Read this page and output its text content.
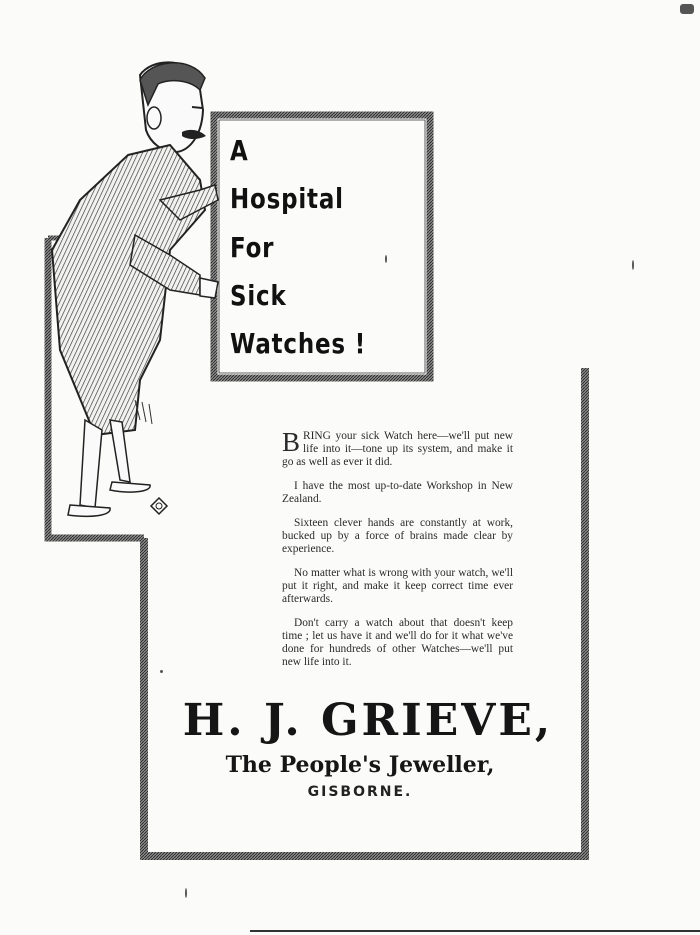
A
Hospital
For
Sick
Watches !

BRING your sick Watch here—we'll put new life into it—tone up its system, and make it go as well as ever it did.

I have the most up-to-date Workshop in New Zealand.

Sixteen clever hands are constantly at work, bucked up by a force of brains made clear by experience.

No matter what is wrong with your watch, we'll put it right, and make it keep correct time ever afterwards.

Don't carry a watch about that doesn't keep time ; let us have it and we'll do for it what we've done for hundreds of other Watches—we'll put new life into it.

H. J. GRIEVE,
The People's Jeweller,
GISBORNE.
